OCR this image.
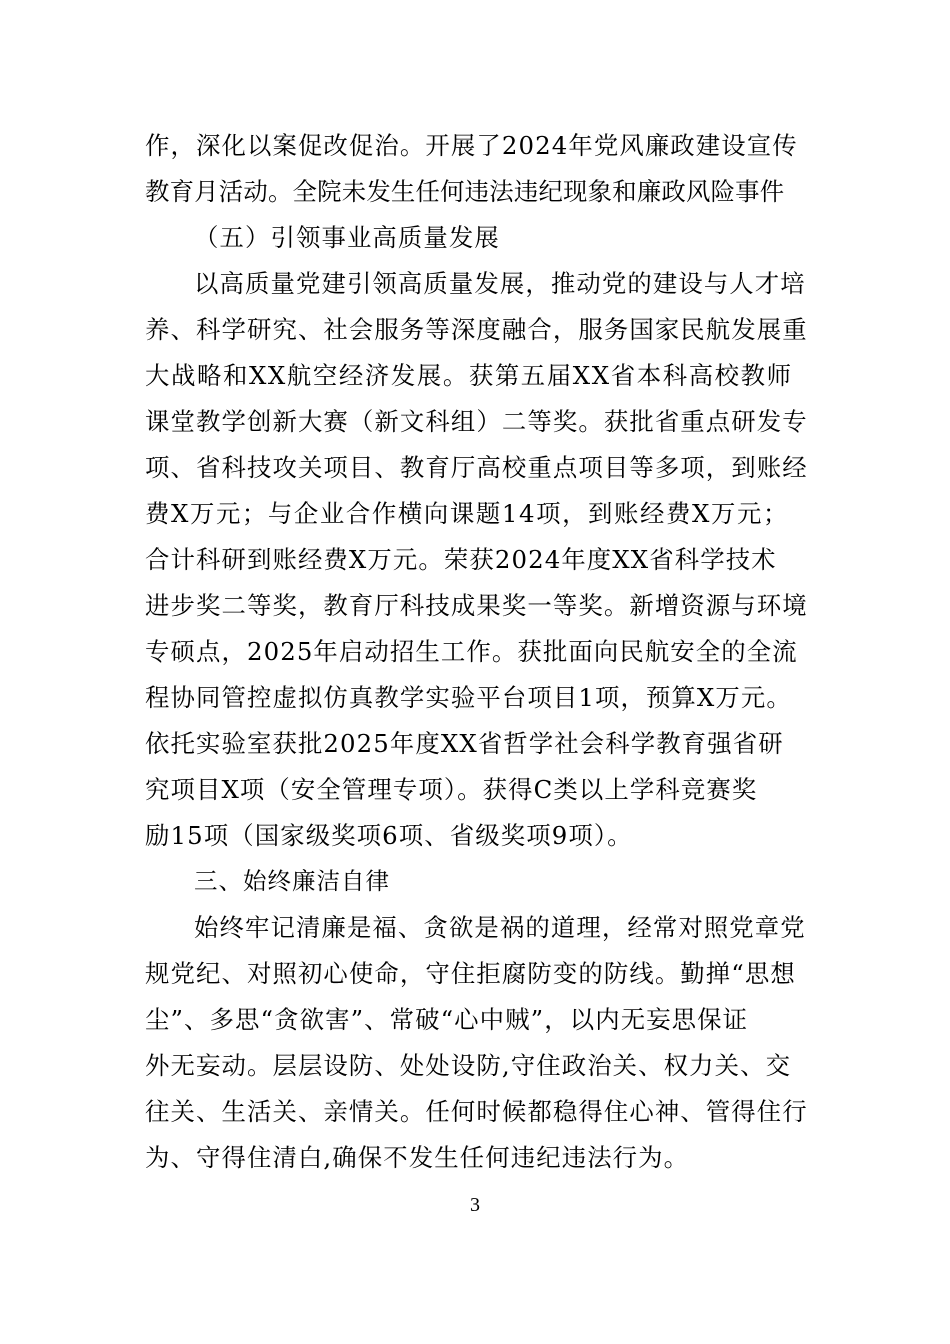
作，深化以案促改促治。开展了2024年党风廉政建设宣传
教育月活动。全院未发生任何违法违纪现象和廉政风险事件
（五）引领事业高质量发展
以高质量党建引领高质量发展，推动党的建设与人才培
养、科学研究、社会服务等深度融合，服务国家民航发展重
大战略和XX航空经济发展。获第五届XX省本科高校教师
课堂教学创新大赛（新文科组）二等奖。获批省重点研发专
项、省科技攻关项目、教育厅高校重点项目等多项，到账经
费X万元；与企业合作横向课题14项，到账经费X万元；
合计科研到账经费X万元。荣获2024年度XX省科学技术
进步奖二等奖，教育厅科技成果奖一等奖。新增资源与环境
专硕点，2025年启动招生工作。获批面向民航安全的全流
程协同管控虚拟仿真教学实验平台项目1项，预算X万元。
依托实验室获批2025年度XX省哲学社会科学教育强省研
究项目X项（安全管理专项）。获得C类以上学科竞赛奖
励15项（国家级奖项6项、省级奖项9项）。
三、始终廉洁自律
始终牢记清廉是福、贪欲是祸的道理，经常对照党章党
规党纪、对照初心使命，守住拒腐防变的防线。勤掸“思想
尘”、多思“贪欲害”、常破“心中贼”，以内无妄思保证
外无妄动。层层设防、处处设防,守住政治关、权力关、交
往关、生活关、亲情关。任何时候都稳得住心神、管得住行
为、守得住清白,确保不发生任何违纪违法行为。
3
